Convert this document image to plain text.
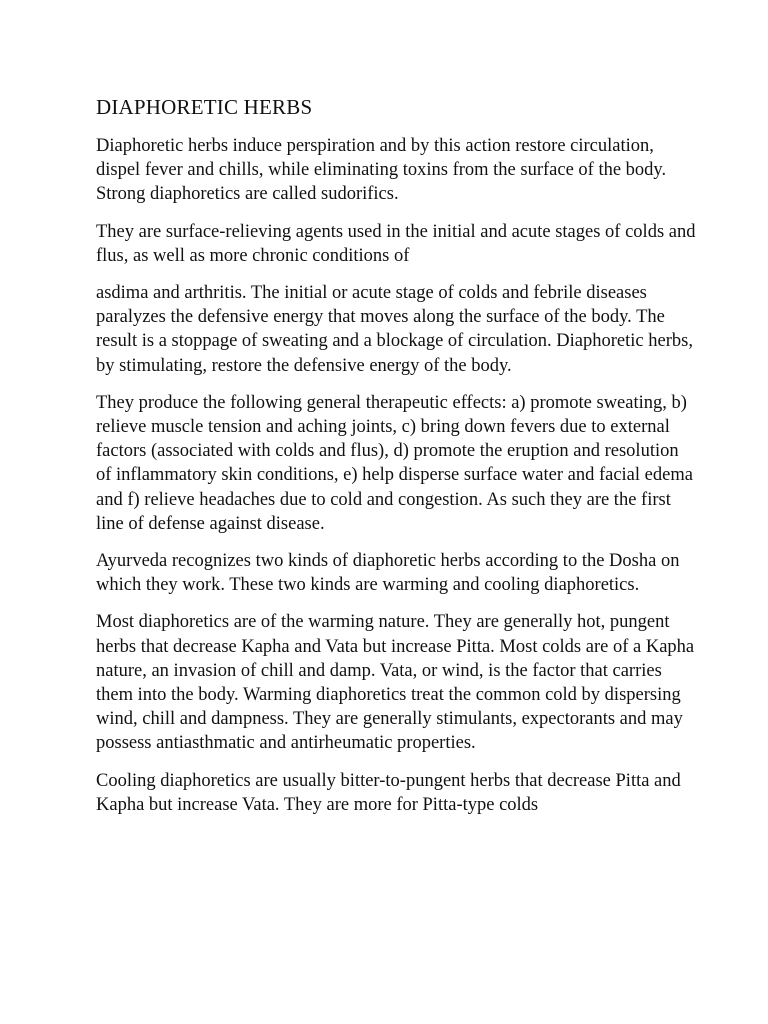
DIAPHORETIC HERBS

Diaphoretic herbs induce perspiration and by this action restore circulation, dispel fever and chills, while eliminating toxins from the surface of the body. Strong diaphoretics are called sudorifics.

They are surface-relieving agents used in the initial and acute stages of colds and flus, as well as more chronic conditions of

asdima and arthritis. The initial or acute stage of colds and febrile diseases paralyzes the defensive energy that moves along the surface of the body. The result is a stoppage of sweating and a blockage of circulation. Diaphoretic herbs, by stimulating, restore the defensive energy of the body.

They produce the following general therapeutic effects: a) promote sweating, b) relieve muscle tension and aching joints, c) bring down fevers due to external factors (associated with colds and flus), d) promote the eruption and resolution of inflammatory skin conditions, e) help disperse surface water and facial edema and f) relieve headaches due to cold and congestion. As such they are the first line of defense against disease.

Ayurveda recognizes two kinds of diaphoretic herbs according to the Dosha on which they work. These two kinds are warming and cooling diaphoretics.

Most diaphoretics are of the warming nature. They are generally hot, pungent herbs that decrease Kapha and Vata but increase Pitta. Most colds are of a Kapha nature, an invasion of chill and damp. Vata, or wind, is the factor that carries them into the body. Warming diaphoretics treat the common cold by dispersing wind, chill and dampness. They are generally stimulants, expectorants and may possess antiasthmatic and antirheumatic properties.

Cooling diaphoretics are usually bitter-to-pungent herbs that decrease Pitta and Kapha but increase Vata. They are more for Pitta-type colds
